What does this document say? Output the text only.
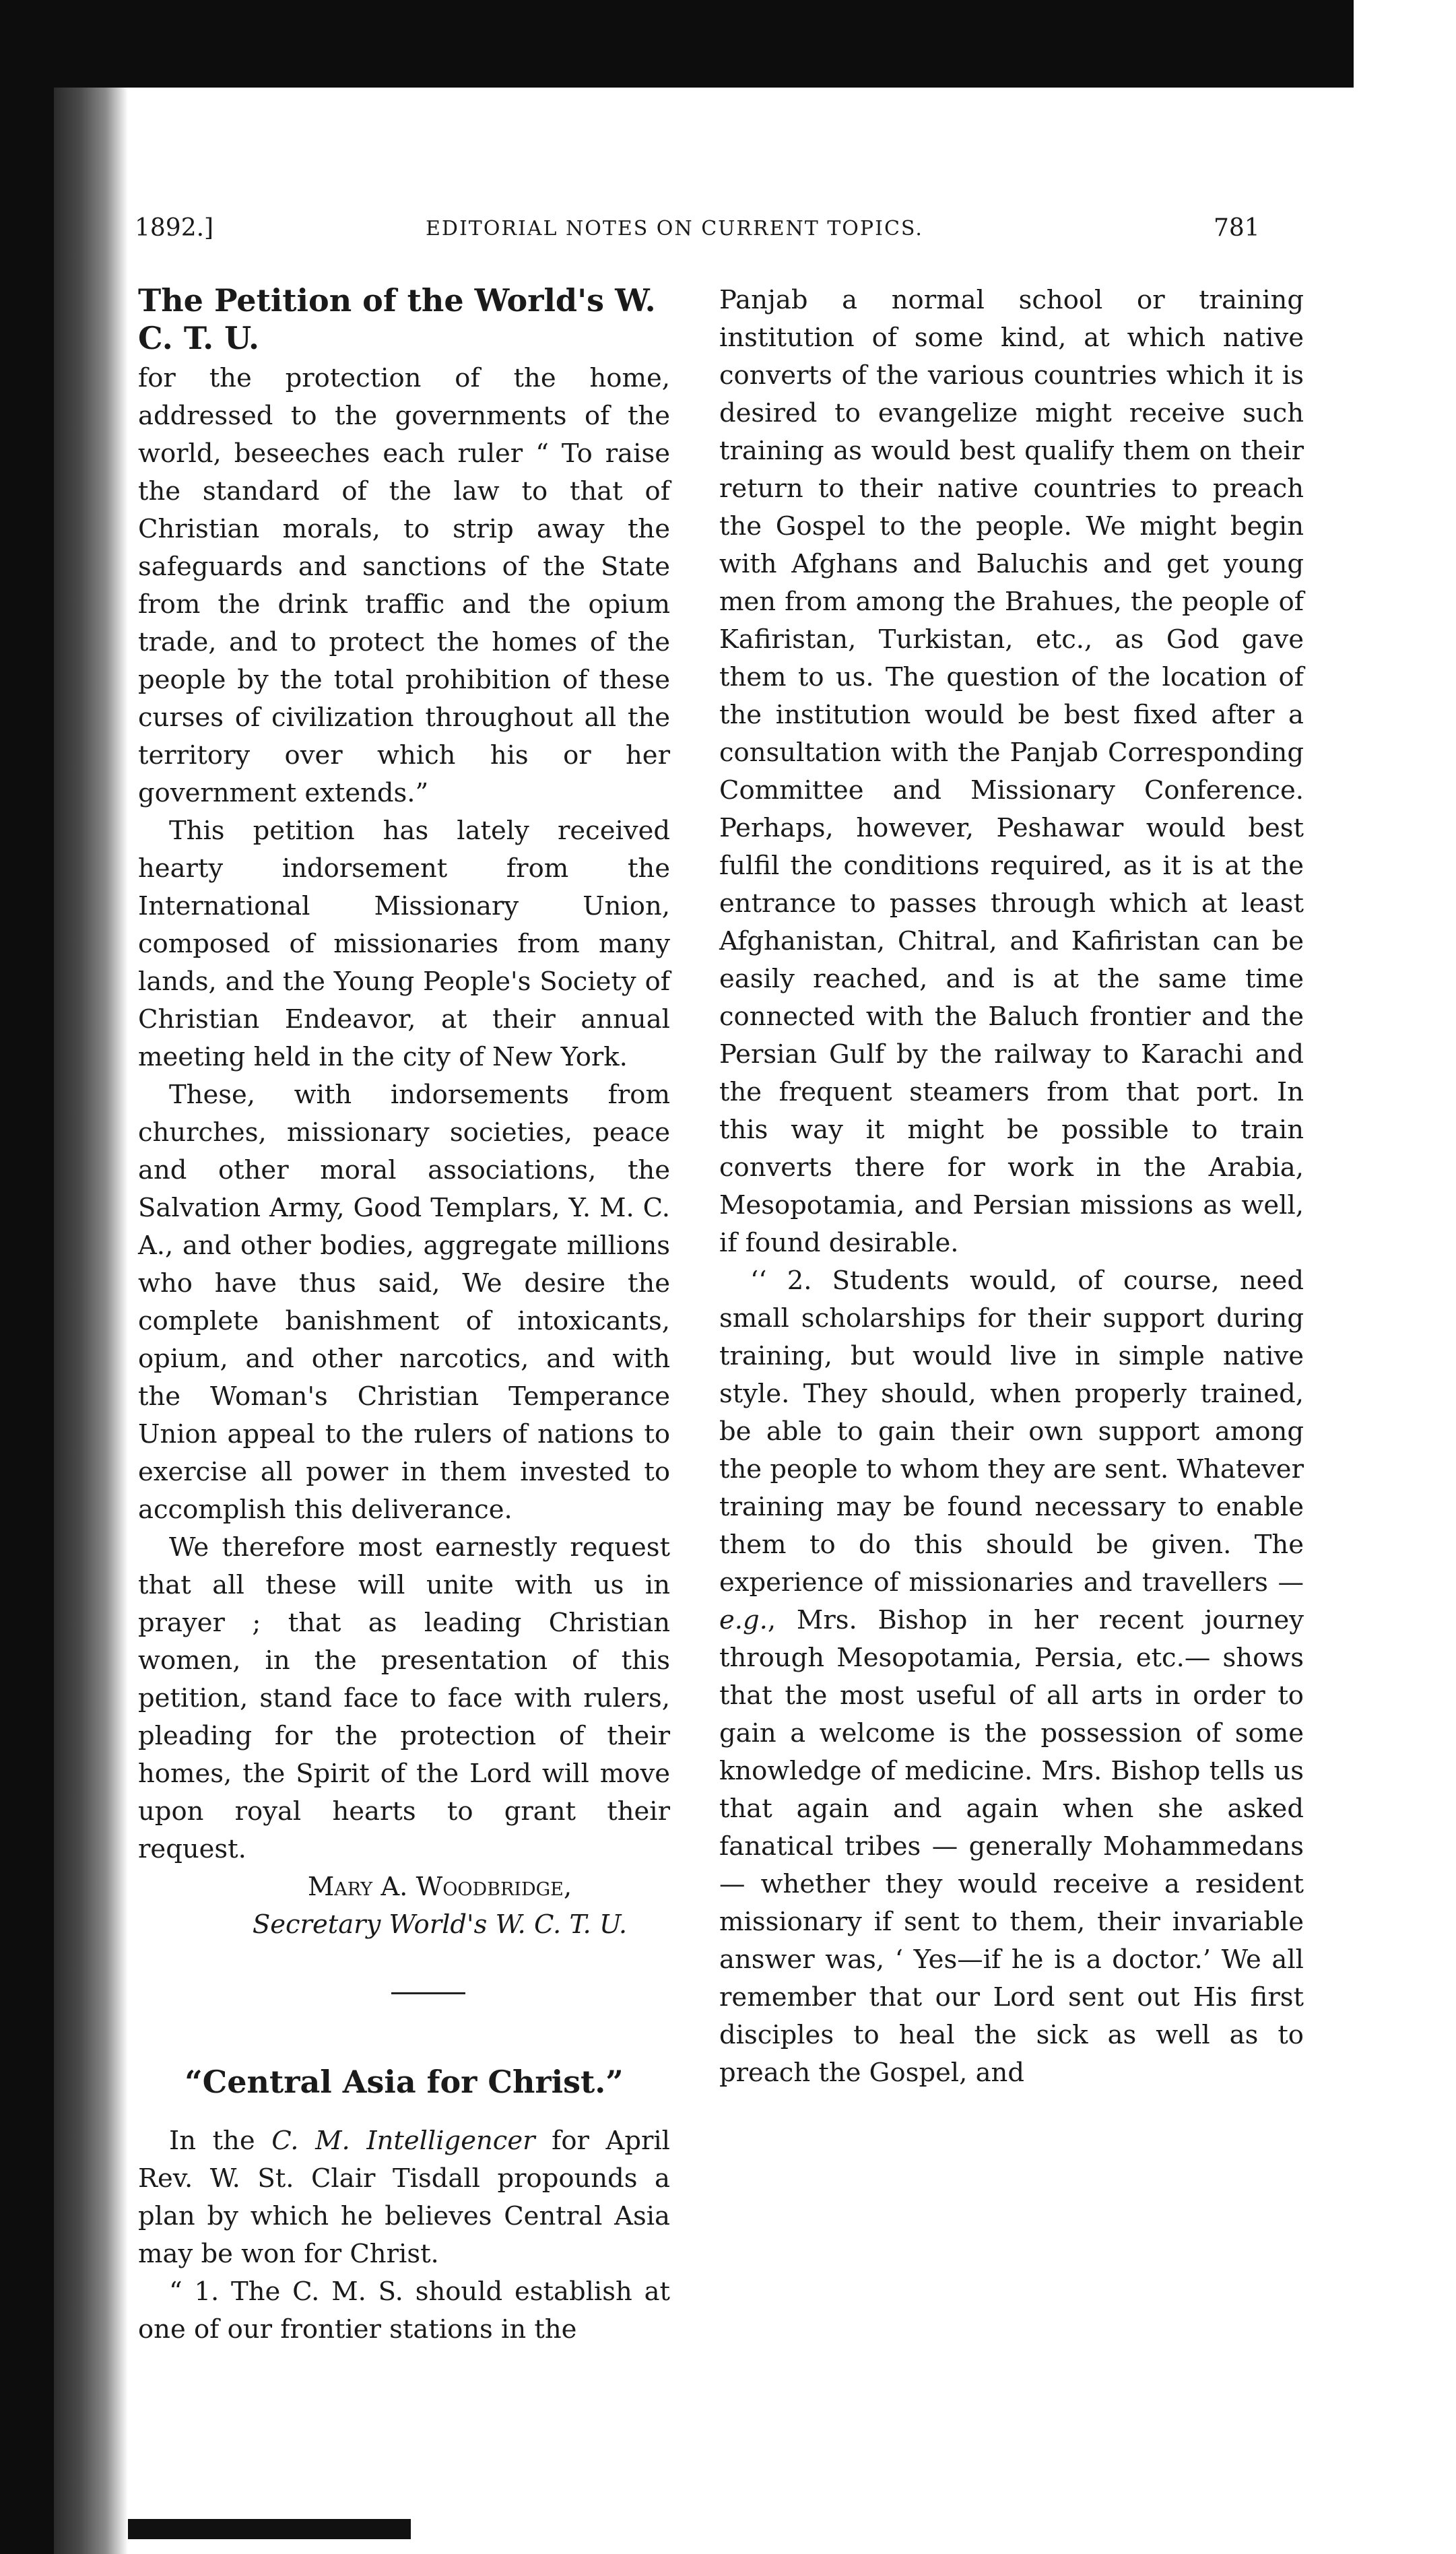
1892.]	EDITORIAL NOTES ON CURRENT TOPICS.	781
The Petition of the World's W. C. T. U.

for the protection of the home, addressed to the governments of the world, beseeches each ruler “ To raise the standard of the law to that of Christian morals, to strip away the safeguards and sanctions of the State from the drink traffic and the opium trade, and to protect the homes of the people by the total prohibition of these curses of civilization throughout all the territory over which his or her government extends.”

This petition has lately received hearty indorsement from the International Missionary Union, composed of missionaries from many lands, and the Young People's Society of Christian Endeavor, at their annual meeting held in the city of New York.

These, with indorsements from churches, missionary societies, peace and other moral associations, the Salvation Army, Good Templars, Y. M. C. A., and other bodies, aggregate millions who have thus said, We desire the complete banishment of intoxicants, opium, and other narcotics, and with the Woman's Christian Temperance Union appeal to the rulers of nations to exercise all power in them invested to accomplish this deliverance.

We therefore most earnestly request that all these will unite with us in prayer ; that as leading Christian women, in the presentation of this petition, stand face to face with rulers, pleading for the protection of their homes, the Spirit of the Lord will move upon royal hearts to grant their request.

Mary A. Woodbridge,

Secretary World's W. C. T. U.

“Central Asia for Christ.”

In the C. M. Intelligencer for April Rev. W. St. Clair Tisdall propounds a plan by which he believes Central Asia may be won for Christ.

“ 1. The C. M. S. should establish at one of our frontier stations in the

Panjab a normal school or training institution of some kind, at which native converts of the various countries which it is desired to evangelize might receive such training as would best qualify them on their return to their native countries to preach the Gospel to the people. We might begin with Afghans and Baluchis and get young men from among the Brahues, the people of Kafiristan, Turkistan, etc., as God gave them to us. The question of the location of the institution would be best fixed after a consultation with the Panjab Corresponding Committee and Missionary Conference. Perhaps, however, Peshawar would best fulfil the conditions required, as it is at the entrance to passes through which at least Afghanistan, Chitral, and Kafiristan can be easily reached, and is at the same time connected with the Baluch frontier and the Persian Gulf by the railway to Karachi and the frequent steamers from that port. In this way it might be possible to train converts there for work in the Arabia, Mesopotamia, and Persian missions as well, if found desirable.

‘‘ 2. Students would, of course, need small scholarships for their support during training, but would live in simple native style. They should, when properly trained, be able to gain their own support among the people to whom they are sent. Whatever training may be found necessary to enable them to do this should be given. The experience of missionaries and travellers — e.g., Mrs. Bishop in her recent journey through Mesopotamia, Persia, etc.— shows that the most useful of all arts in order to gain a welcome is the possession of some knowledge of medicine. Mrs. Bishop tells us that again and again when she asked fanatical tribes — generally Mohammedans — whether they would receive a resident missionary if sent to them, their invariable answer was, ‘ Yes—if he is a doctor.’ We all remember that our Lord sent out His first disciples to heal the sick as well as to preach the Gospel, and
